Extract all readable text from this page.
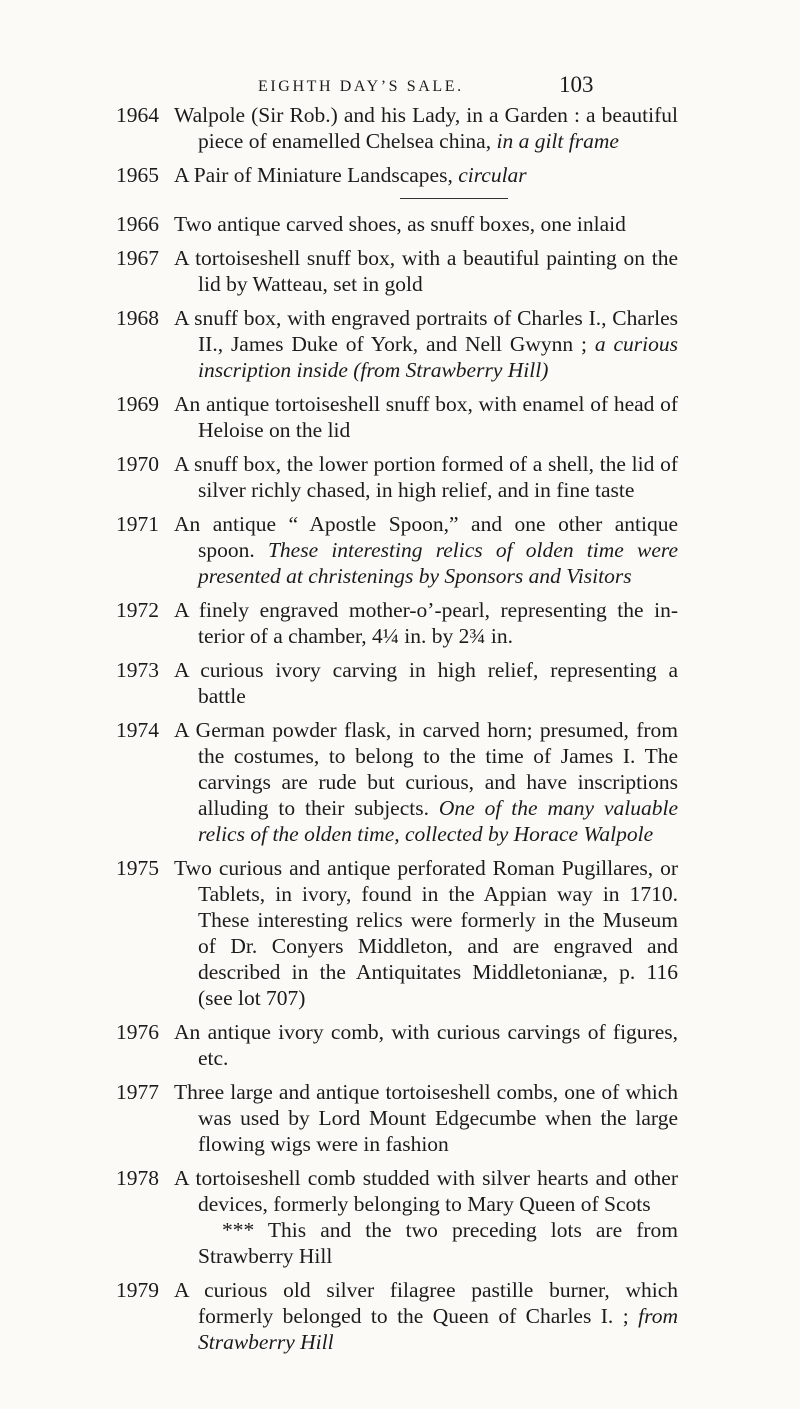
EIGHTH DAY’S SALE.	103
1964 Walpole (Sir Rob.) and his Lady, in a Garden : a beautiful piece of enamelled Chelsea china, in a gilt frame
1965 A Pair of Miniature Landscapes, circular
1966 Two antique carved shoes, as snuff boxes, one inlaid
1967 A tortoiseshell snuff box, with a beautiful painting on the lid by Watteau, set in gold
1968 A snuff box, with engraved portraits of Charles I., Charles II., James Duke of York, and Nell Gwynn ; a curious inscription inside (from Strawberry Hill)
1969 An antique tortoiseshell snuff box, with enamel of head of Heloise on the lid
1970 A snuff box, the lower portion formed of a shell, the lid of silver richly chased, in high relief, and in fine taste
1971 An antique “ Apostle Spoon,” and one other antique spoon. These interesting relics of olden time were presented at christenings by Sponsors and Visitors
1972 A finely engraved mother-o’-pearl, representing the interior of a chamber, 4¼ in. by 2¾ in.
1973 A curious ivory carving in high relief, representing a battle
1974 A German powder flask, in carved horn; presumed, from the costumes, to belong to the time of James I. The carvings are rude but curious, and have inscriptions alluding to their subjects. One of the many valuable relics of the olden time, collected by Horace Walpole
1975 Two curious and antique perforated Roman Pugillares, or Tablets, in ivory, found in the Appian way in 1710. These interesting relics were formerly in the Museum of Dr. Conyers Middleton, and are engraved and described in the Antiquitates Middletonianæ, p. 116 (see lot 707)
1976 An antique ivory comb, with curious carvings of figures, etc.
1977 Three large and antique tortoiseshell combs, one of which was used by Lord Mount Edgecumbe when the large flowing wigs were in fashion
1978 A tortoiseshell comb studded with silver hearts and other devices, formerly belonging to Mary Queen of Scots
*** This and the two preceding lots are from Strawberry Hill
1979 A curious old silver filagree pastille burner, which formerly belonged to the Queen of Charles I. ; from Strawberry Hill
